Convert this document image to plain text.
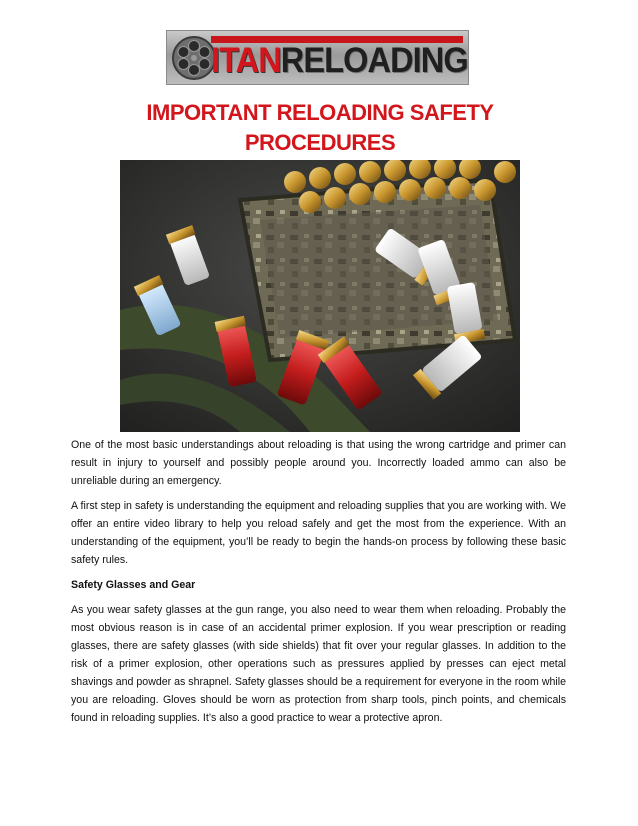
ITANRELOADING
IMPORTANT RELOADING SAFETY
PROCEDURES

One of the most basic understandings about reloading is that using the wrong cartridge and primer can result in injury to yourself and possibly people around you. Incorrectly loaded ammo can also be unreliable during an emergency.

A first step in safety is understanding the equipment and reloading supplies that you are working with. We offer an entire video library to help you reload safely and get the most from the experience. With an understanding of the equipment, you’ll be ready to begin the hands-on process by following these basic safety rules.

Safety Glasses and Gear

As you wear safety glasses at the gun range, you also need to wear them when reloading. Probably the most obvious reason is in case of an accidental primer explosion. If you wear prescription or reading glasses, there are safety glasses (with side shields) that fit over your regular glasses. In addition to the risk of a primer explosion, other operations such as pressures applied by presses can eject metal shavings and powder as shrapnel. Safety glasses should be a requirement for everyone in the room while you are reloading. Gloves should be worn as protection from sharp tools, pinch points, and chemicals found in reloading supplies. It’s also a good practice to wear a protective apron.
